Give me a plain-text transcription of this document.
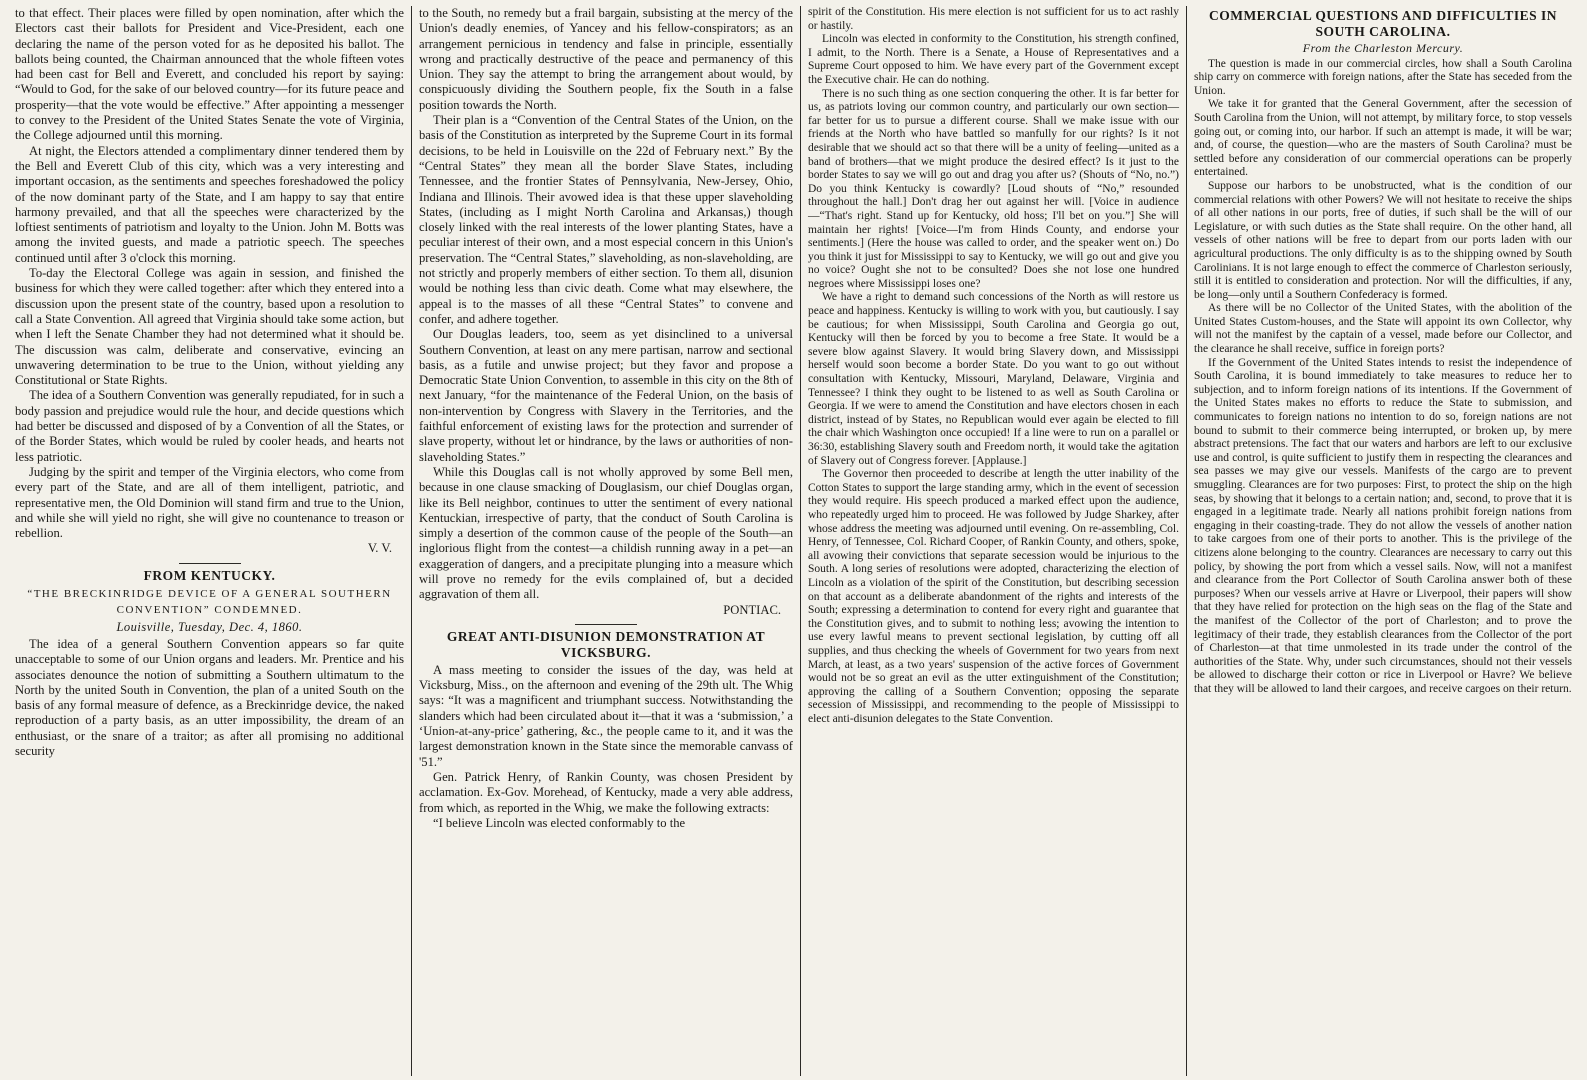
to that effect. Their places were filled by open nomination, after which the Electors cast their ballots for President and Vice-President, each one declaring the name of the person voted for as he deposited his ballot. The ballots being counted, the Chairman announced that the whole fifteen votes had been cast for Bell and Everett, and concluded his report by saying: “Would to God, for the sake of our beloved country—for its future peace and prosperity—that the vote would be effective.” After appointing a messenger to convey to the President of the United States Senate the vote of Virginia, the College adjourned until this morning.

At night, the Electors attended a complimentary dinner tendered them by the Bell and Everett Club of this city, which was a very interesting and important occasion, as the sentiments and speeches foreshadowed the policy of the now dominant party of the State, and I am happy to say that entire harmony prevailed, and that all the speeches were characterized by the loftiest sentiments of patriotism and loyalty to the Union. John M. Botts was among the invited guests, and made a patriotic speech. The speeches continued until after 3 o'clock this morning.

To-day the Electoral College was again in session, and finished the business for which they were called together: after which they entered into a discussion upon the present state of the country, based upon a resolution to call a State Convention. All agreed that Virginia should take some action, but when I left the Senate Chamber they had not determined what it should be. The discussion was calm, deliberate and conservative, evincing an unwavering determination to be true to the Union, without yielding any Constitutional or State Rights.

The idea of a Southern Convention was generally repudiated, for in such a body passion and prejudice would rule the hour, and decide questions which had better be discussed and disposed of by a Convention of all the States, or of the Border States, which would be ruled by cooler heads, and hearts not less patriotic.

Judging by the spirit and temper of the Virginia electors, who come from every part of the State, and are all of them intelligent, patriotic, and representative men, the Old Dominion will stand firm and true to the Union, and while she will yield no right, she will give no countenance to treason or rebellion.

V. V.

FROM KENTUCKY.
“THE BRECKINRIDGE DEVICE OF A GENERAL SOUTHERN CONVENTION” CONDEMNED.
Louisville, Tuesday, Dec. 4, 1860.

The idea of a general Southern Convention appears so far quite unacceptable to some of our Union organs and leaders. Mr. Prentice and his associates denounce the notion of submitting a Southern ultimatum to the North by the united South in Convention, the plan of a united South on the basis of any formal measure of defence, as a Breckinridge device, the naked reproduction of a party basis, as an utter impossibility, the dream of an enthusiast, or the snare of a traitor; as after all promising no additional security

to the South, no remedy but a frail bargain, subsisting at the mercy of the Union's deadly enemies, of Yancey and his fellow-conspirators; as an arrangement pernicious in tendency and false in principle, essentially wrong and practically destructive of the peace and permanency of this Union. They say the attempt to bring the arrangement about would, by conspicuously dividing the Southern people, fix the South in a false position towards the North.

Their plan is a “Convention of the Central States of the Union, on the basis of the Constitution as interpreted by the Supreme Court in its formal decisions, to be held in Louisville on the 22d of February next.” By the “Central States” they mean all the border Slave States, including Tennessee, and the frontier States of Pennsylvania, New-Jersey, Ohio, Indiana and Illinois. Their avowed idea is that these upper slaveholding States, (including as I might North Carolina and Arkansas,) though closely linked with the real interests of the lower planting States, have a peculiar interest of their own, and a most especial concern in this Union's preservation. The “Central States,” slaveholding, as non-slaveholding, are not strictly and properly members of either section. To them all, disunion would be nothing less than civic death. Come what may elsewhere, the appeal is to the masses of all these “Central States” to convene and confer, and adhere together.

Our Douglas leaders, too, seem as yet disinclined to a universal Southern Convention, at least on any mere partisan, narrow and sectional basis, as a futile and unwise project; but they favor and propose a Democratic State Union Convention, to assemble in this city on the 8th of next January, “for the maintenance of the Federal Union, on the basis of non-intervention by Congress with Slavery in the Territories, and the faithful enforcement of existing laws for the protection and surrender of slave property, without let or hindrance, by the laws or authorities of non-slaveholding States.”

While this Douglas call is not wholly approved by some Bell men, because in one clause smacking of Douglasism, our chief Douglas organ, like its Bell neighbor, continues to utter the sentiment of every national Kentuckian, irrespective of party, that the conduct of South Carolina is simply a desertion of the common cause of the people of the South—an inglorious flight from the contest—a childish running away in a pet—an exaggeration of dangers, and a precipitate plunging into a measure which will prove no remedy for the evils complained of, but a decided aggravation of them all.

PONTIAC.

GREAT ANTI-DISUNION DEMONSTRATION AT VICKSBURG.

A mass meeting to consider the issues of the day, was held at Vicksburg, Miss., on the afternoon and evening of the 29th ult. The Whig says: “It was a magnificent and triumphant success. Notwithstanding the slanders which had been circulated about it—that it was a ‘submission,’ a ‘Union-at-any-price’ gathering, &c., the people came to it, and it was the largest demonstration known in the State since the memorable canvass of '51.”

Gen. Patrick Henry, of Rankin County, was chosen President by acclamation. Ex-Gov. Morehead, of Kentucky, made a very able address, from which, as reported in the Whig, we make the following extracts:

“I believe Lincoln was elected conformably to the

spirit of the Constitution. His mere election is not sufficient for us to act rashly or hastily.

Lincoln was elected in conformity to the Constitution, his strength confined, I admit, to the North. There is a Senate, a House of Representatives and a Supreme Court opposed to him. We have every part of the Government except the Executive chair. He can do nothing.

There is no such thing as one section conquering the other. It is far better for us, as patriots loving our common country, and particularly our own section—far better for us to pursue a different course. Shall we make issue with our friends at the North who have battled so manfully for our rights? Is it not desirable that we should act so that there will be a unity of feeling—united as a band of brothers—that we might produce the desired effect? Is it just to the border States to say we will go out and drag you after us? (Shouts of “No, no.”) Do you think Kentucky is cowardly? [Loud shouts of “No,” resounded throughout the hall.] Don't drag her out against her will. [Voice in audience—“That's right. Stand up for Kentucky, old hoss; I'll bet on you.”] She will maintain her rights! [Voice—I'm from Hinds County, and endorse your sentiments.] (Here the house was called to order, and the speaker went on.) Do you think it just for Mississippi to say to Kentucky, we will go out and give you no voice? Ought she not to be consulted? Does she not lose one hundred negroes where Mississippi loses one?

We have a right to demand such concessions of the North as will restore us peace and happiness. Kentucky is willing to work with you, but cautiously. I say be cautious; for when Mississippi, South Carolina and Georgia go out, Kentucky will then be forced by you to become a free State. It would be a severe blow against Slavery. It would bring Slavery down, and Mississippi herself would soon become a border State. Do you want to go out without consultation with Kentucky, Missouri, Maryland, Delaware, Virginia and Tennessee? I think they ought to be listened to as well as South Carolina or Georgia. If we were to amend the Constitution and have electors chosen in each district, instead of by States, no Republican would ever again be elected to fill the chair which Washington once occupied! If a line were to run on a parallel or 36:30, establishing Slavery south and Freedom north, it would take the agitation of Slavery out of Congress forever. [Applause.]

The Governor then proceeded to describe at length the utter inability of the Cotton States to support the large standing army, which in the event of secession they would require. His speech produced a marked effect upon the audience, who repeatedly urged him to proceed. He was followed by Judge Sharkey, after whose address the meeting was adjourned until evening. On re-assembling, Col. Henry, of Tennessee, Col. Richard Cooper, of Rankin County, and others, spoke, all avowing their convictions that separate secession would be injurious to the South. A long series of resolutions were adopted, characterizing the election of Lincoln as a violation of the spirit of the Constitution, but describing secession on that account as a deliberate abandonment of the rights and interests of the South; expressing a determination to contend for every right and guarantee that the Constitution gives, and to submit to nothing less; avowing the intention to use every lawful means to prevent sectional legislation, by cutting off all supplies, and thus checking the wheels of Government for two years from next March, at least, as a two years' suspension of the active forces of Government would not be so great an evil as the utter extinguishment of the Constitution; approving the calling of a Southern Convention; opposing the separate secession of Mississippi, and recommending to the people of Mississippi to elect anti-disunion delegates to the State Convention.

COMMERCIAL QUESTIONS AND DIFFICULTIES IN SOUTH CAROLINA.
From the Charleston Mercury.

The question is made in our commercial circles, how shall a South Carolina ship carry on commerce with foreign nations, after the State has seceded from the Union.

We take it for granted that the General Government, after the secession of South Carolina from the Union, will not attempt, by military force, to stop vessels going out, or coming into, our harbor. If such an attempt is made, it will be war; and, of course, the question—who are the masters of South Carolina? must be settled before any consideration of our commercial operations can be properly entertained.

Suppose our harbors to be unobstructed, what is the condition of our commercial relations with other Powers? We will not hesitate to receive the ships of all other nations in our ports, free of duties, if such shall be the will of our Legislature, or with such duties as the State shall require. On the other hand, all vessels of other nations will be free to depart from our ports laden with our agricultural productions. The only difficulty is as to the shipping owned by South Carolinians. It is not large enough to effect the commerce of Charleston seriously, still it is entitled to consideration and protection. Nor will the difficulties, if any, be long—only until a Southern Confederacy is formed.

As there will be no Collector of the United States, with the abolition of the United States Custom-houses, and the State will appoint its own Collector, why will not the manifest by the captain of a vessel, made before our Collector, and the clearance he shall receive, suffice in foreign ports?

If the Government of the United States intends to resist the independence of South Carolina, it is bound immediately to take measures to reduce her to subjection, and to inform foreign nations of its intentions. If the Government of the United States makes no efforts to reduce the State to submission, and communicates to foreign nations no intention to do so, foreign nations are not bound to submit to their commerce being interrupted, or broken up, by mere abstract pretensions. The fact that our waters and harbors are left to our exclusive use and control, is quite sufficient to justify them in respecting the clearances and sea passes we may give our vessels. Manifests of the cargo are to prevent smuggling. Clearances are for two purposes: First, to protect the ship on the high seas, by showing that it belongs to a certain nation; and, second, to prove that it is engaged in a legitimate trade. Nearly all nations prohibit foreign nations from engaging in their coasting-trade. They do not allow the vessels of another nation to take cargoes from one of their ports to another. This is the privilege of the citizens alone belonging to the country. Clearances are necessary to carry out this policy, by showing the port from which a vessel sails. Now, will not a manifest and clearance from the Port Collector of South Carolina answer both of these purposes? When our vessels arrive at Havre or Liverpool, their papers will show that they have relied for protection on the high seas on the flag of the State and the manifest of the Collector of the port of Charleston; and to prove the legitimacy of their trade, they establish clearances from the Collector of the port of Charleston—at that time unmolested in its trade under the control of the authorities of the State. Why, under such circumstances, should not their vessels be allowed to discharge their cotton or rice in Liverpool or Havre? We believe that they will be allowed to land their cargoes, and receive cargoes on their return.
